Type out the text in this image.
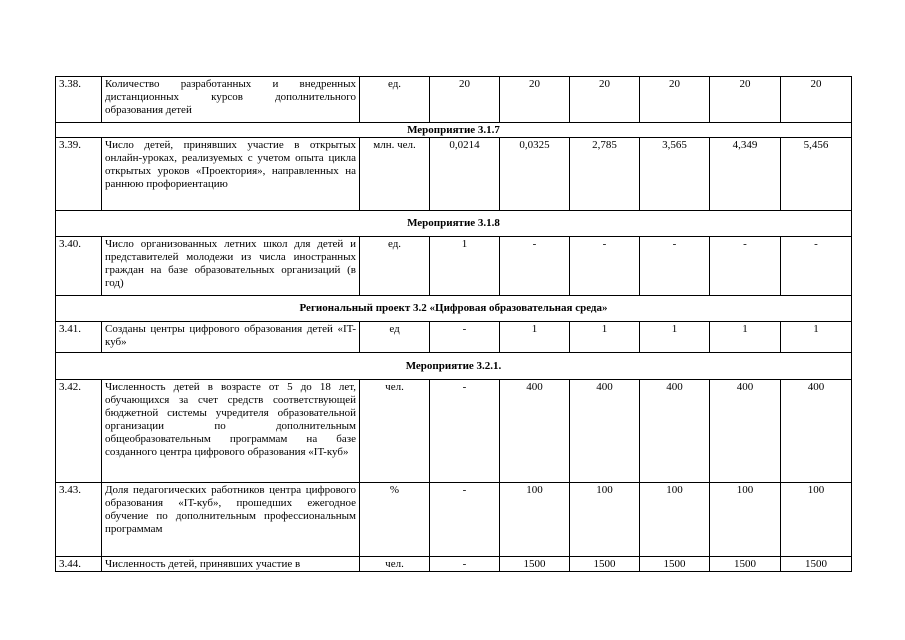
3.38.	Количество разработанных и внедренных дистанционных курсов дополнительного образования детей	ед.	20	20	20	20	20	20
Мероприятие 3.1.7								
3.39.	Число детей, принявших участие в открытых онлайн-уроках, реализуемых с учетом опыта цикла открытых уроков «Проектория», направленных на раннюю профориентацию	млн. чел.	0,0214	0,0325	2,785	3,565	4,349	5,456
Мероприятие 3.1.8								
3.40.	Число организованных летних школ для детей и представителей молодежи из числа иностранных граждан на базе образовательных организаций (в год)	ед.	1	-	-	-	-	-
Региональный проект 3.2 «Цифровая образовательная среда»								
3.41.	Созданы центры цифрового образования детей «IT-куб»	ед	-	1	1	1	1	1
Мероприятие 3.2.1.								
3.42.	Численность детей в возрасте от 5 до 18 лет, обучающихся за счет средств соответствующей бюджетной системы учредителя образовательной организации по дополнительным общеобразовательным программам на базе созданного центра цифрового образования «IT-куб»	чел.	-	400	400	400	400	400
3.43.	Доля педагогических работников центра цифрового образования «IT-куб», прошедших ежегодное обучение по дополнительным профессиональным программам	%	-	100	100	100	100	100
3.44.	Численность детей, принявших участие в	чел.	-	1500	1500	1500	1500	1500
